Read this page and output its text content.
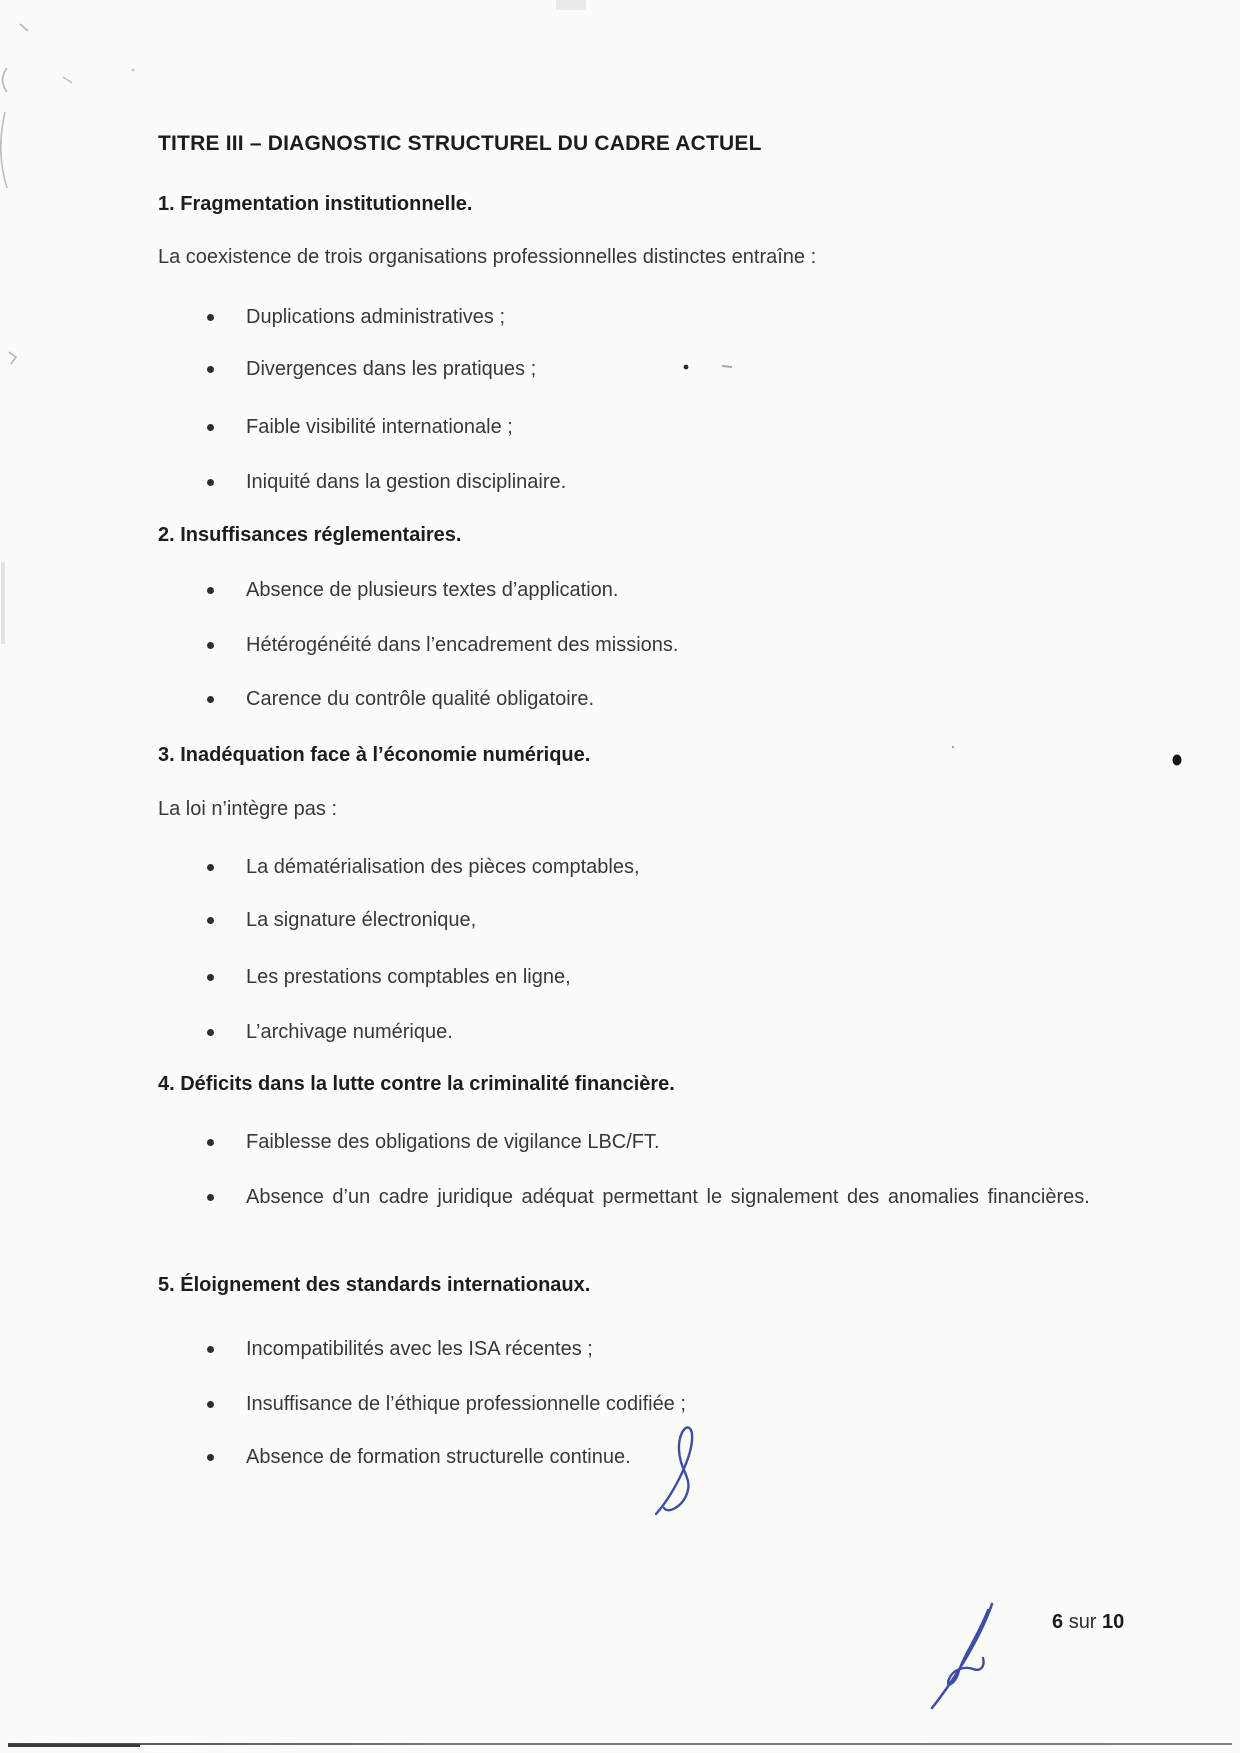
TITRE III – DIAGNOSTIC STRUCTUREL DU CADRE ACTUEL
1. Fragmentation institutionnelle.
La coexistence de trois organisations professionnelles distinctes entraîne :
Duplications administratives ;
Divergences dans les pratiques ;
Faible visibilité internationale ;
Iniquité dans la gestion disciplinaire.
2. Insuffisances réglementaires.
Absence de plusieurs textes d’application.
Hétérogénéité dans l’encadrement des missions.
Carence du contrôle qualité obligatoire.
3. Inadéquation face à l’économie numérique.
La loi n’intègre pas :
La dématérialisation des pièces comptables,
La signature électronique,
Les prestations comptables en ligne,
L’archivage numérique.
4. Déficits dans la lutte contre la criminalité financière.
Faiblesse des obligations de vigilance LBC/FT.
Absence d’un cadre juridique adéquat permettant le signalement des anomalies financières.
5. Éloignement des standards internationaux.
Incompatibilités avec les ISA récentes ;
Insuffisance de l’éthique professionnelle codifiée ;
Absence de formation structurelle continue.
6 sur 10
